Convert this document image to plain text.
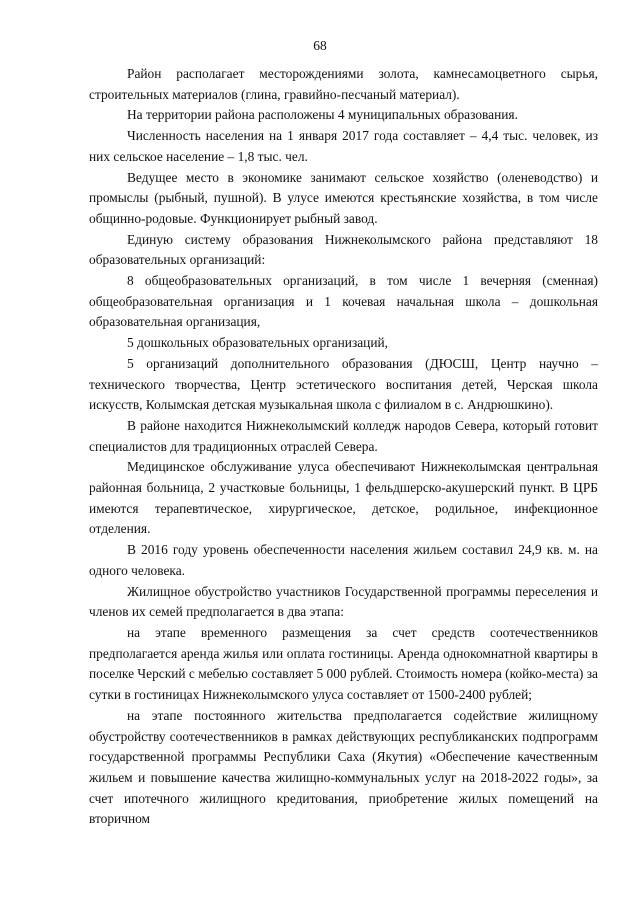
68

Район располагает месторождениями золота, камнесамоцветного сырья, строительных материалов (глина, гравийно-песчаный материал).

На территории района расположены 4 муниципальных образования.

Численность населения на 1 января 2017 года составляет – 4,4 тыс. человек, из них сельское население – 1,8 тыс. чел.

Ведущее место в экономике занимают сельское хозяйство (оленеводство) и промыслы (рыбный, пушной). В улусе имеются крестьянские хозяйства, в том числе общинно-родовые. Функционирует рыбный завод.

Единую систему образования Нижнеколымского района представляют 18 образовательных организаций:

8 общеобразовательных организаций, в том числе 1 вечерняя (сменная) общеобразовательная организация и 1 кочевая начальная школа – дошкольная образовательная организация,

5 дошкольных образовательных организаций,

5 организаций дополнительного образования (ДЮСШ, Центр научно – технического творчества, Центр эстетического воспитания детей, Черская школа искусств, Колымская детская музыкальная школа с филиалом в с. Андрюшкино).

В районе находится Нижнеколымский колледж народов Севера, который готовит специалистов для традиционных отраслей Севера.

Медицинское обслуживание улуса обеспечивают Нижнеколымская центральная районная больница, 2 участковые больницы, 1 фельдшерско-акушерский пункт. В ЦРБ имеются терапевтическое, хирургическое, детское, родильное, инфекционное отделения.

В 2016 году уровень обеспеченности населения жильем составил 24,9 кв. м. на одного человека.

Жилищное обустройство участников Государственной программы переселения и членов их семей предполагается в два этапа:

на этапе временного размещения за счет средств соотечественников предполагается аренда жилья или оплата гостиницы. Аренда однокомнатной квартиры в поселке Черский с мебелью составляет 5 000 рублей. Стоимость номера (койко-места) за сутки в гостиницах Нижнеколымского улуса составляет от 1500-2400 рублей;

на этапе постоянного жительства предполагается содействие жилищному обустройству соотечественников в рамках действующих республиканских подпрограмм государственной программы Республики Саха (Якутия) «Обеспечение качественным жильем и повышение качества жилищно-коммунальных услуг на 2018-2022 годы», за счет ипотечного жилищного кредитования, приобретение жилых помещений на вторичном
